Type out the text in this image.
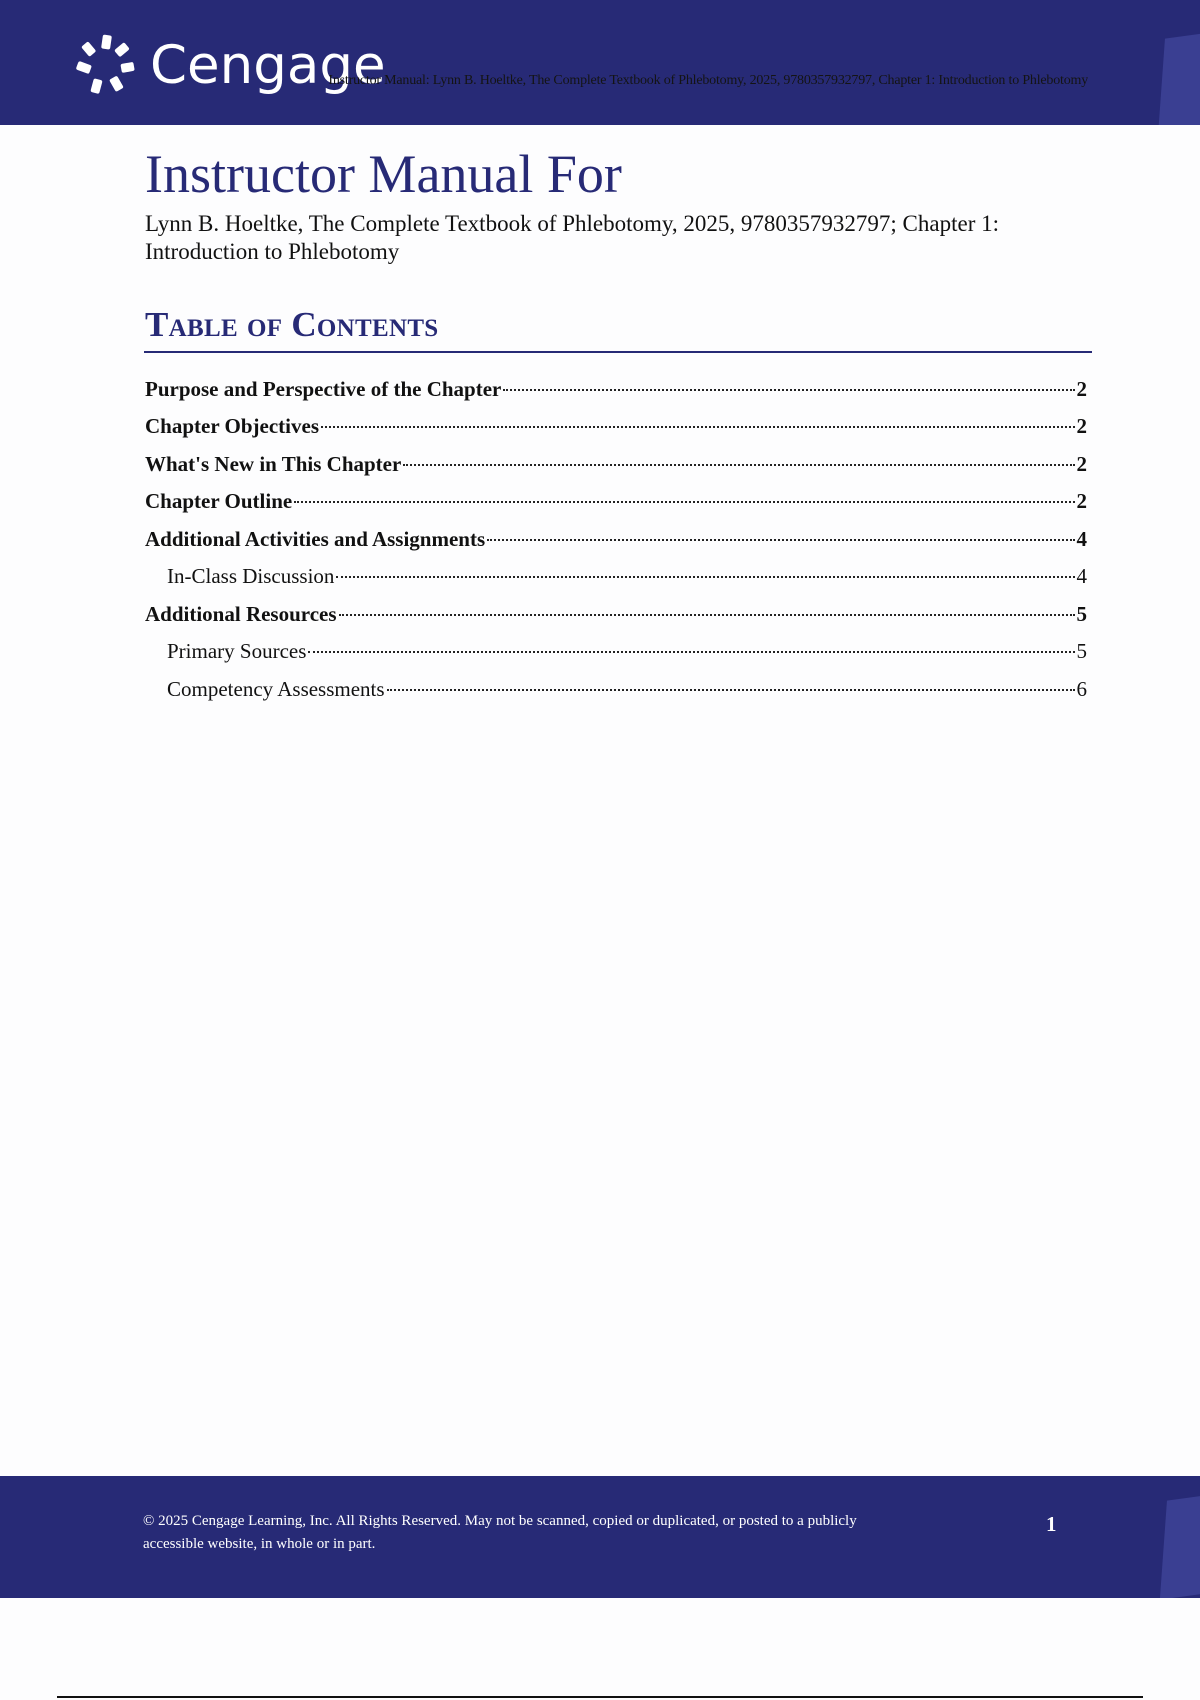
Cengage
Instructor Manual: Lynn B. Hoeltke, The Complete Textbook of Phlebotomy, 2025, 9780357932797, Chapter 1: Introduction to Phlebotomy
Instructor Manual For
Lynn B. Hoeltke, The Complete Textbook of Phlebotomy, 2025, 9780357932797; Chapter 1: Introduction to Phlebotomy
Table of Contents
Purpose and Perspective of the Chapter	2
Chapter Objectives	2
What's New in This Chapter	2
Chapter Outline	2
Additional Activities and Assignments	4
In-Class Discussion	4
Additional Resources	5
Primary Sources	5
Competency Assessments	6
© 2025 Cengage Learning, Inc. All Rights Reserved. May not be scanned, copied or duplicated, or posted to a publicly accessible website, in whole or in part.
1
